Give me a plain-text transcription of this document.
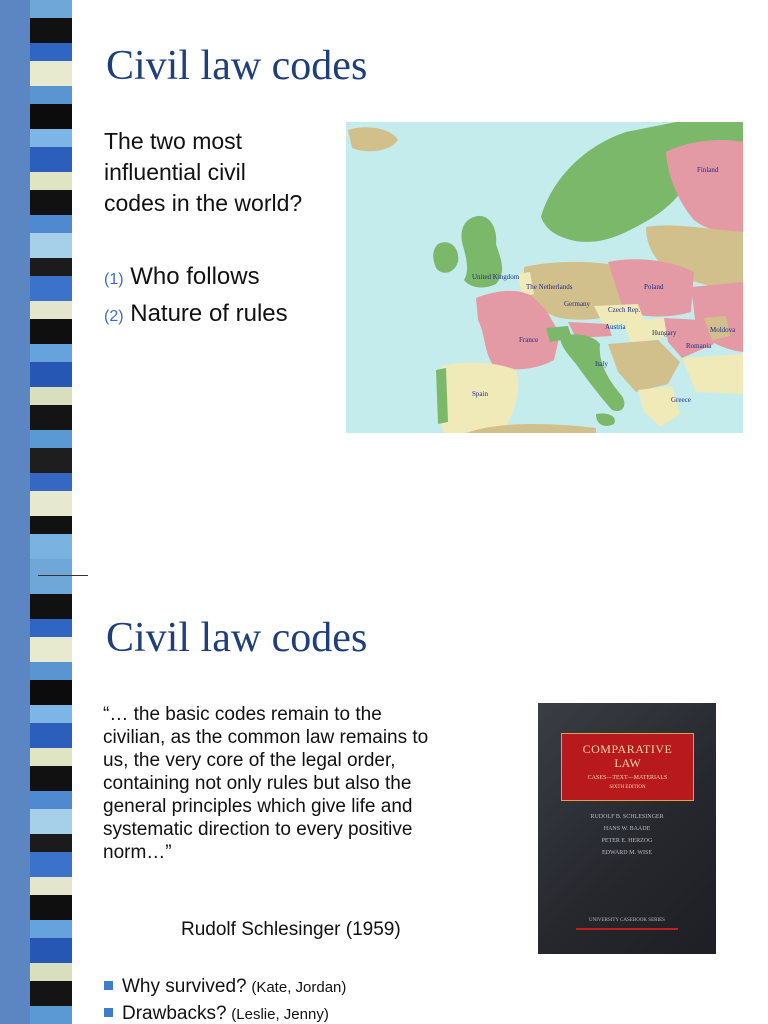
Civil law codes
The two most
influential civil
codes in the world?
(1) Who follows
(2) Nature of rules
Finland
United Kingdom
The Netherlands	Poland
Germany
Czech Rep.
Austria
Hungary	Moldova
Romania
France
Italy
Spain
Greece
Civil law codes
“… the basic codes remain to the civilian, as the common law remains to us, the very core of the legal order, containing not only rules but also the general principles which give life and systematic direction to every positive norm…”
Rudolf Schlesinger (1959)
COMPARATIVE
LAW
CASES—TEXT—MATERIALS
SIXTH EDITION
RUDOLF B. SCHLESINGER
HANS W. BAADE
PETER E. HERZOG
EDWARD M. WISE
UNIVERSITY CASEBOOK SERIES
Why survived? (Kate, Jordan)
Drawbacks? (Leslie, Jenny)
